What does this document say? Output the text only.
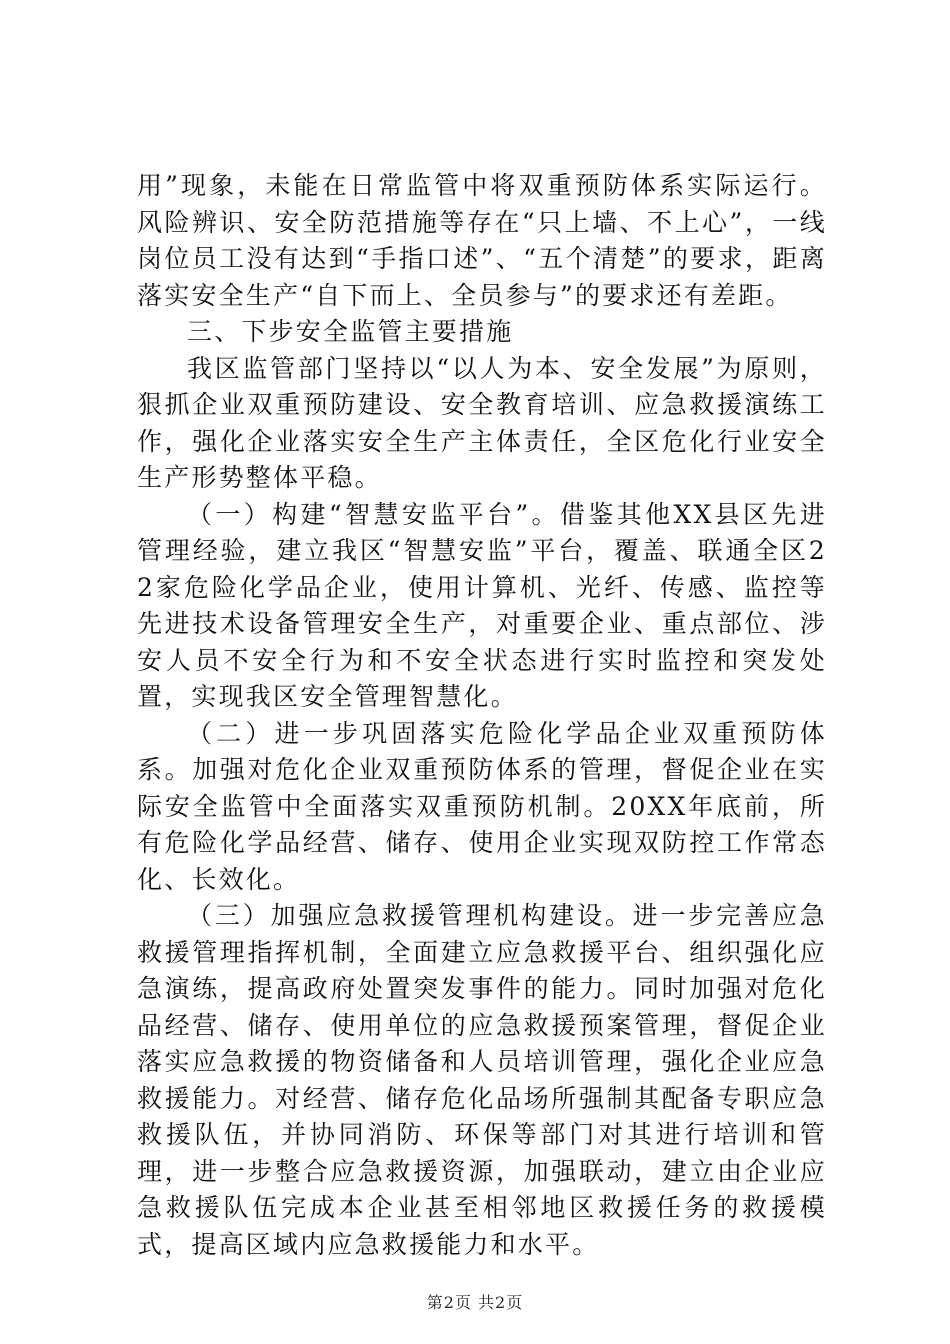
用”现象，未能在日常监管中将双重预防体系实际运行。风险辨识、安全防范措施等存在“只上墙、不上心”，一线岗位员工没有达到“手指口述”、“五个清楚”的要求，距离落实安全生产“自下而上、全员参与”的要求还有差距。

三、下步安全监管主要措施

我区监管部门坚持以“以人为本、安全发展”为原则，狠抓企业双重预防建设、安全教育培训、应急救援演练工作，强化企业落实安全生产主体责任，全区危化行业安全生产形势整体平稳。

（一）构建“智慧安监平台”。借鉴其他XX县区先进管理经验，建立我区“智慧安监”平台，覆盖、联通全区22家危险化学品企业，使用计算机、光纤、传感、监控等先进技术设备管理安全生产，对重要企业、重点部位、涉安人员不安全行为和不安全状态进行实时监控和突发处置，实现我区安全管理智慧化。

（二）进一步巩固落实危险化学品企业双重预防体系。加强对危化企业双重预防体系的管理，督促企业在实际安全监管中全面落实双重预防机制。20XX年底前，所有危险化学品经营、储存、使用企业实现双防控工作常态化、长效化。

（三）加强应急救援管理机构建设。进一步完善应急救援管理指挥机制，全面建立应急救援平台、组织强化应急演练，提高政府处置突发事件的能力。同时加强对危化品经营、储存、使用单位的应急救援预案管理，督促企业落实应急救援的物资储备和人员培训管理，强化企业应急救援能力。对经营、储存危化品场所强制其配备专职应急救援队伍，并协同消防、环保等部门对其进行培训和管理，进一步整合应急救援资源，加强联动，建立由企业应急救援队伍完成本企业甚至相邻地区救援任务的救援模式，提高区域内应急救援能力和水平。

第2页 共2页
